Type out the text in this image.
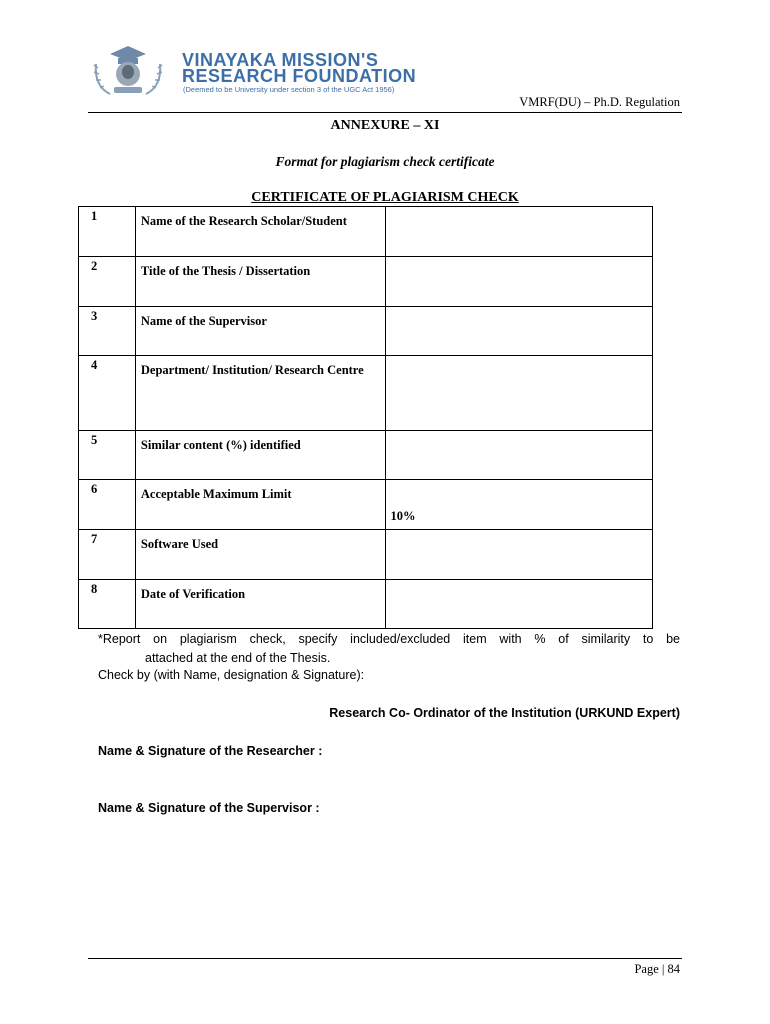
VINAYAKA MISSION'S
RESEARCH FOUNDATION
(Deemed to be University under section 3 of the UGC Act 1956)
VMRF(DU) – Ph.D. Regulation
ANNEXURE – XI
Format for plagiarism check certificate
CERTIFICATE OF PLAGIARISM CHECK
1	Name of the Research Scholar/Student	
2	Title of the Thesis / Dissertation	
3	Name of the Supervisor	
4	Department/ Institution/ Research Centre	
5	Similar content (%) identified	
6	Acceptable Maximum Limit	10%
7	Software Used	
8	Date of Verification	

*Report on plagiarism check, specify included/excluded item with % of similarity to be

attached at the end of the Thesis.

Check by (with Name, designation & Signature):
Research Co- Ordinator of the Institution (URKUND Expert)
Name & Signature of the Researcher :
Name & Signature of the Supervisor :
Page | 84
